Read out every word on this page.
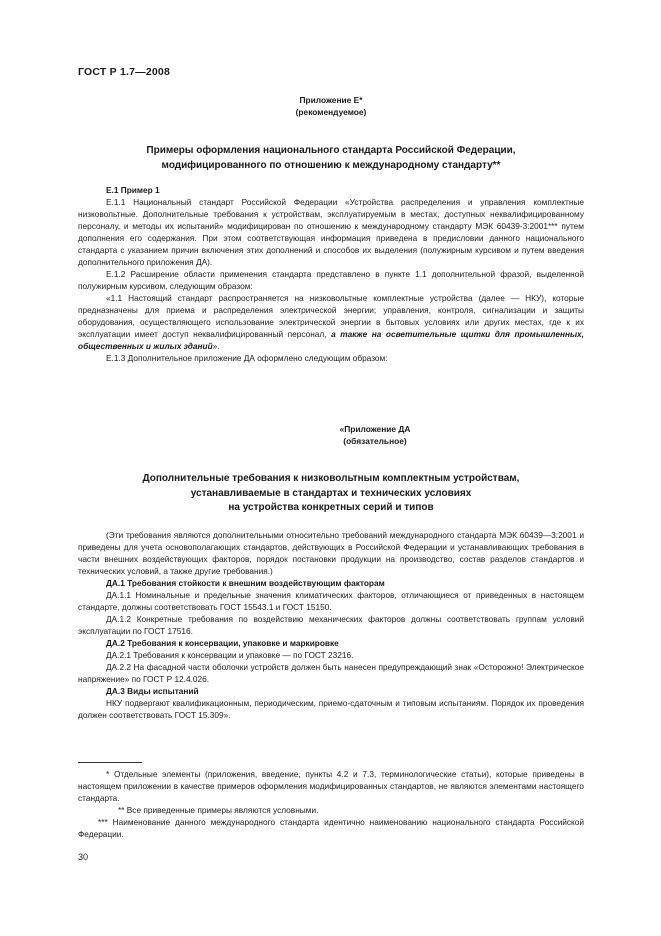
ГОСТ Р 1.7—2008
Приложение Е*
(рекомендуемое)
Примеры оформления национального стандарта Российской Федерации,
модифицированного по отношению к международному стандарту**

Е.1 Пример 1

Е.1.1 Национальный стандарт Российской Федерации «Устройства распределения и управления комплектные низковольтные. Дополнительные требования к устройствам, эксплуатируемым в местах, доступных неквалифицированному персоналу, и методы их испытаний» модифицирован по отношению к международному стандарту МЭК 60439-3:2001*** путем дополнения его содержания. При этом соответствующая информация приведена в предисловии данного национального стандарта с указанием причин включения этих дополнений и способов их выделения (полужирным курсивом и путем введения дополнительного приложения ДА).

Е.1.2 Расширение области применения стандарта представлено в пункте 1.1 дополнительной фразой, выделенной полужирным курсивом, следующим образом:

«1.1 Настоящий стандарт распространяется на низковольтные комплектные устройства (далее — НКУ), которые предназначены для приема и распределения электрической энергии; управления, контроля, сигнализации и защиты оборудования, осуществляющего использование электрической энергии в бытовых условиях или других местах, где к их эксплуатации имеет доступ неквалифицированный персонал, а также на осветительные щитки для промышленных, общественных и жилых зданий».

Е.1.3 Дополнительное приложение ДА оформлено следующим образом:

«Приложение ДА
(обязательное)
Дополнительные требования к низковольтным комплектным устройствам,
устанавливаемые в стандартах и технических условиях
на устройства конкретных серий и типов

(Эти требования являются дополнительными относительно требований международного стандарта МЭК 60439—3:2001 и приведены для учета основополагающих стандартов, действующих в Российской Федерации и устанавливающих требования в части внешних воздействующих факторов, порядок постановки продукции на производство, состав разделов стандартов и технических условий, а также другие требования.)

ДА.1 Требования стойкости к внешним воздействующим факторам

ДА.1.1 Номинальные и предельные значения климатических факторов, отличающиеся от приведенных в настоящем стандарте, должны соответствовать ГОСТ 15543.1 и ГОСТ 15150.

ДА.1.2 Конкретные требования по воздействию механических факторов должны соответствовать группам условий эксплуатации по ГОСТ 17516.

ДА.2 Требования к консервации, упаковке и маркировке

ДА.2.1 Требования к консервации и упаковке — по ГОСТ 23216.

ДА.2.2 На фасадной части оболочки устройств должен быть нанесен предупреждающий знак «Осторожно! Электрическое напряжение» по ГОСТ Р 12.4.026.

ДА.3 Виды испытаний

НКУ подвергают квалификационным, периодическим, приемо-сдаточным и типовым испытаниям. Порядок их проведения должен соответствовать ГОСТ 15.309».

* Отдельные элементы (приложения, введение, пункты 4.2 и 7.3, терминологические статьи), которые приведены в настоящем приложении в качестве примеров оформления модифицированных стандартов, не являются элементами настоящего стандарта.

** Все приведенные примеры являются условными.

*** Наименование данного международного стандарта идентично наименованию национального стандарта Российской Федерации.

30
